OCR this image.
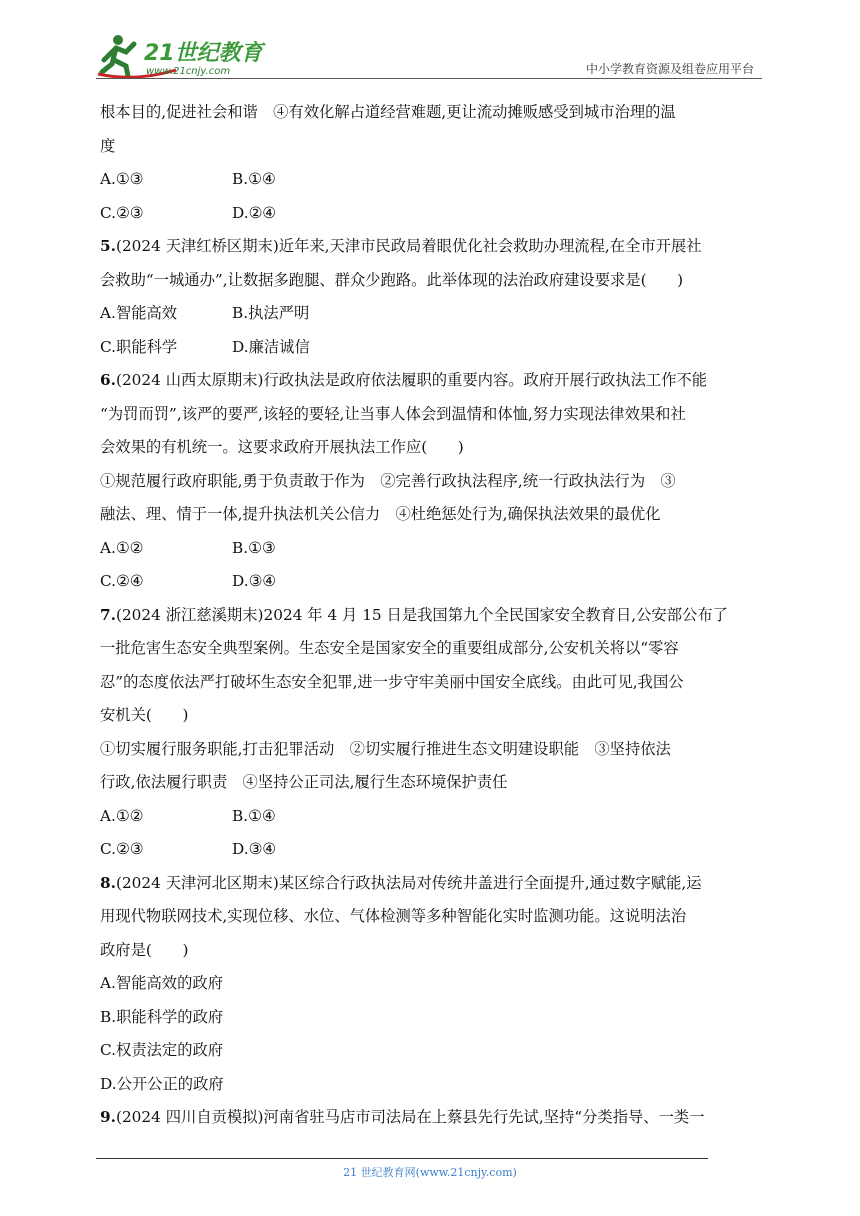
21世纪教育
www.21cnjy.com	中小学教育资源及组卷应用平台
根本目的,促进社会和谐　④有效化解占道经营难题,更让流动摊贩感受到城市治理的温
度
A.①③	B.①④
C.②③	D.②④
5.(2024 天津红桥区期末)近年来,天津市民政局着眼优化社会救助办理流程,在全市开展社
会救助“一城通办”,让数据多跑腿、群众少跑路。此举体现的法治政府建设要求是(　　)
A.智能高效	B.执法严明
C.职能科学	D.廉洁诚信
6.(2024 山西太原期末)行政执法是政府依法履职的重要内容。政府开展行政执法工作不能
“为罚而罚”,该严的要严,该轻的要轻,让当事人体会到温情和体恤,努力实现法律效果和社
会效果的有机统一。这要求政府开展执法工作应(　　)
①规范履行政府职能,勇于负责敢于作为　②完善行政执法程序,统一行政执法行为　③
融法、理、情于一体,提升执法机关公信力　④杜绝惩处行为,确保执法效果的最优化
A.①②	B.①③
C.②④	D.③④
7.(2024 浙江慈溪期末)2024 年 4 月 15 日是我国第九个全民国家安全教育日,公安部公布了
一批危害生态安全典型案例。生态安全是国家安全的重要组成部分,公安机关将以“零容
忍”的态度依法严打破坏生态安全犯罪,进一步守牢美丽中国安全底线。由此可见,我国公
安机关(　　)
①切实履行服务职能,打击犯罪活动　②切实履行推进生态文明建设职能　③坚持依法
行政,依法履行职责　④坚持公正司法,履行生态环境保护责任
A.①②	B.①④
C.②③	D.③④
8.(2024 天津河北区期末)某区综合行政执法局对传统井盖进行全面提升,通过数字赋能,运
用现代物联网技术,实现位移、水位、气体检测等多种智能化实时监测功能。这说明法治
政府是(　　)
A.智能高效的政府
B.职能科学的政府
C.权责法定的政府
D.公开公正的政府
9.(2024 四川自贡模拟)河南省驻马店市司法局在上蔡县先行先试,坚持“分类指导、一类一
21 世纪教育网(www.21cnjy.com)
